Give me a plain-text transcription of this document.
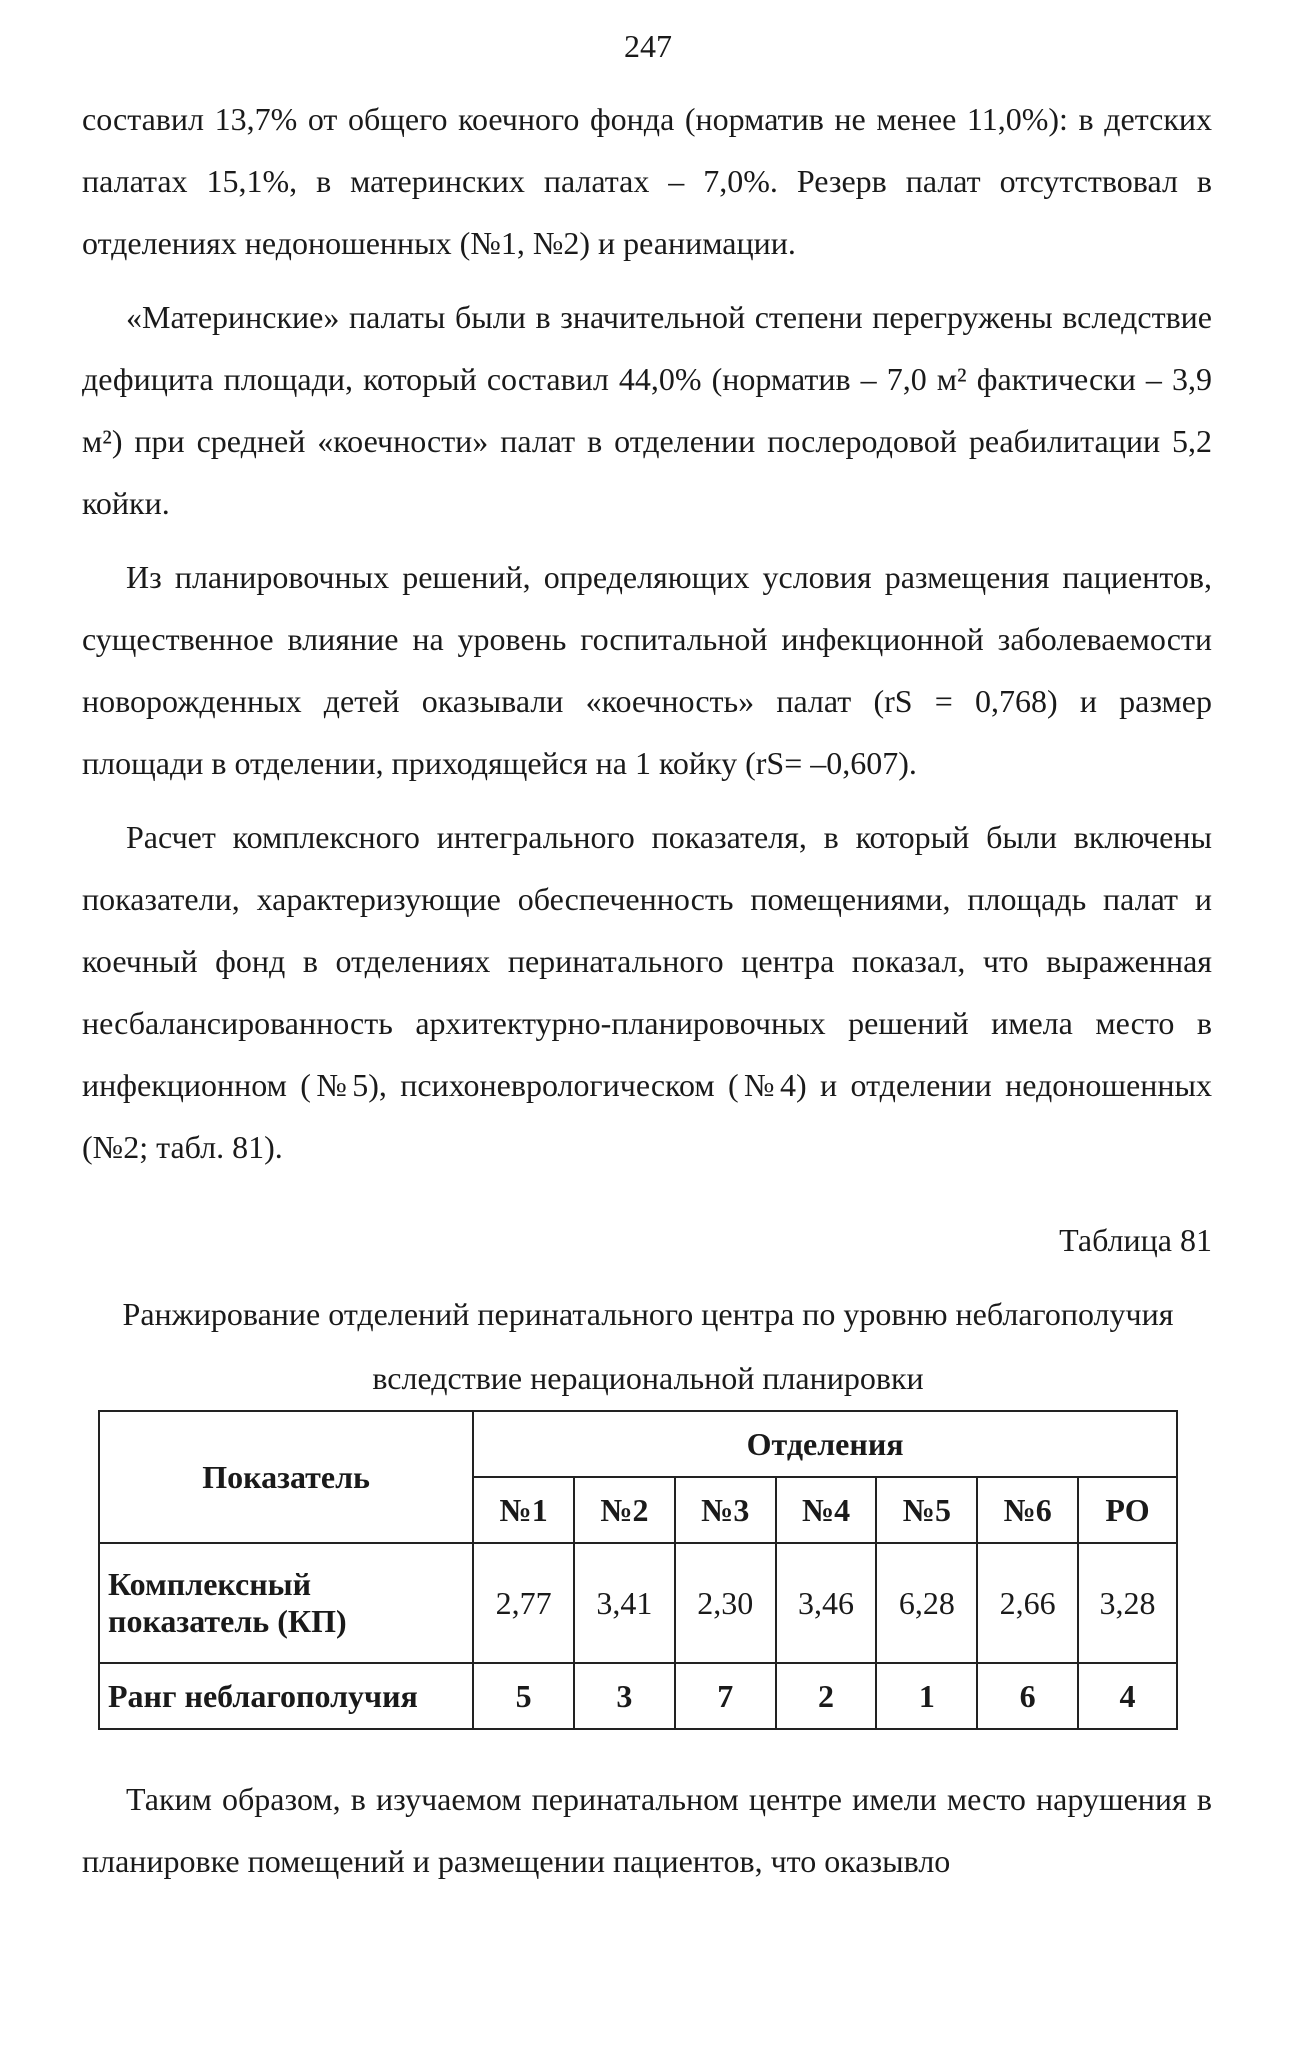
247

составил 13,7% от общего коечного фонда (норматив не менее 11,0%): в детских палатах 15,1%, в материнских палатах – 7,0%. Резерв палат отсутствовал в отделениях недоношенных (№1, №2) и реанимации.

«Материнские» палаты были в значительной степени перегружены вследствие дефицита площади, который составил 44,0% (норматив – 7,0 м² фактически – 3,9 м²) при средней «коечности» палат в отделении послеродовой реабилитации 5,2 койки.

Из планировочных решений, определяющих условия размещения пациентов, существенное влияние на уровень госпитальной инфекционной заболеваемости новорожденных детей оказывали «коечность» палат (rS = 0,768) и размер площади в отделении, приходящейся на 1 койку (rS= –0,607).

Расчет комплексного интегрального показателя, в который были включены показатели, характеризующие обеспеченность помещениями, площадь палат и коечный фонд в отделениях перинатального центра показал, что выраженная несбалансированность архитектурно-планировочных решений имела место в инфекционном (№5), психоневрологическом (№4) и отделении недоношенных (№2; табл. 81).

Таблица 81
Ранжирование отделений перинатального центра по уровню неблагополучия
вследствие нерациональной планировки
Показатель	Отделения						
	№1	№2	№3	№4	№5	№6	РО

Комплексный
показатель (КП)	2,77	3,41	2,30	3,46	6,28	2,66	3,28
Ранг неблагополучия	5	3	7	2	1	6	4

Таким образом, в изучаемом перинатальном центре имели место нарушения в планировке помещений и размещении пациентов, что оказывло
